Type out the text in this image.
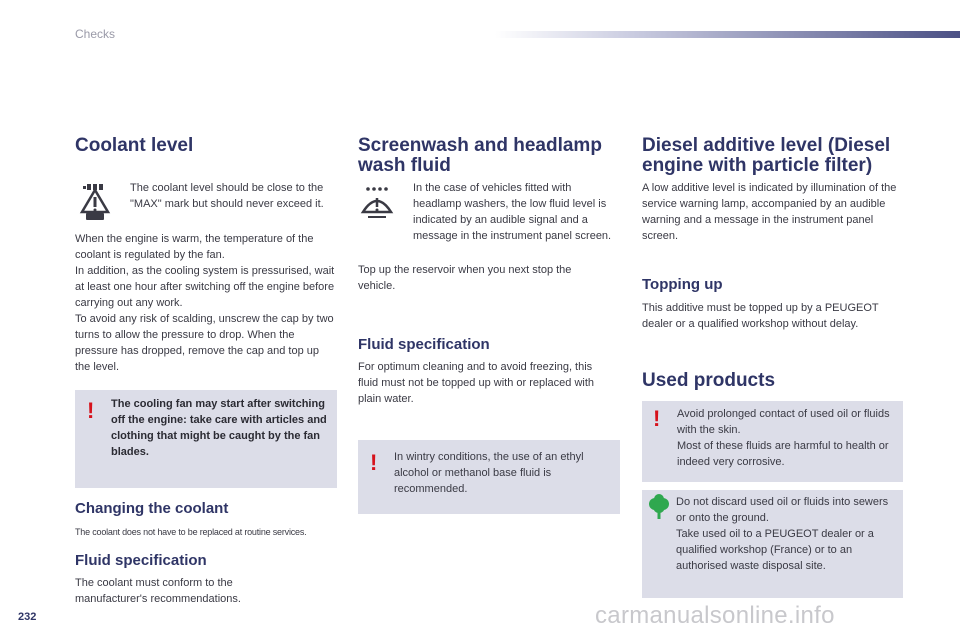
Checks
Coolant level

The coolant level should be close to the "MAX" mark but should never exceed it.

When the engine is warm, the temperature of the coolant is regulated by the fan.
In addition, as the cooling system is pressurised, wait at least one hour after switching off the engine before carrying out any work.
To avoid any risk of scalding, unscrew the cap by two turns to allow the pressure to drop. When the pressure has dropped, remove the cap and top up the level.

! The cooling fan may start after switching off the engine: take care with articles and clothing that might be caught by the fan blades.

Changing the coolant
The coolant does not have to be replaced at routine services.
Fluid specification

The coolant must conform to the manufacturer's recommendations.

Screenwash and headlamp wash fluid

In the case of vehicles fitted with headlamp washers, the low fluid level is indicated by an audible signal and a message in the instrument panel screen.

Top up the reservoir when you next stop the vehicle.

Fluid specification

For optimum cleaning and to avoid freezing, this fluid must not be topped up with or replaced with plain water.

! In wintry conditions, the use of an ethyl alcohol or methanol base fluid is recommended.

Diesel additive level (Diesel engine with particle filter)

A low additive level is indicated by illumination of the service warning lamp, accompanied by an audible warning and a message in the instrument panel screen.

Topping up

This additive must be topped up by a PEUGEOT dealer or a qualified workshop without delay.

Used products
! Avoid prolonged contact of used oil or fluids with the skin.
Most of these fluids are harmful to health or indeed very corrosive.

Do not discard used oil or fluids into sewers or onto the ground.
Take used oil to a PEUGEOT dealer or a qualified workshop (France) or to an authorised waste disposal site.

232	carmanualsonline.info
